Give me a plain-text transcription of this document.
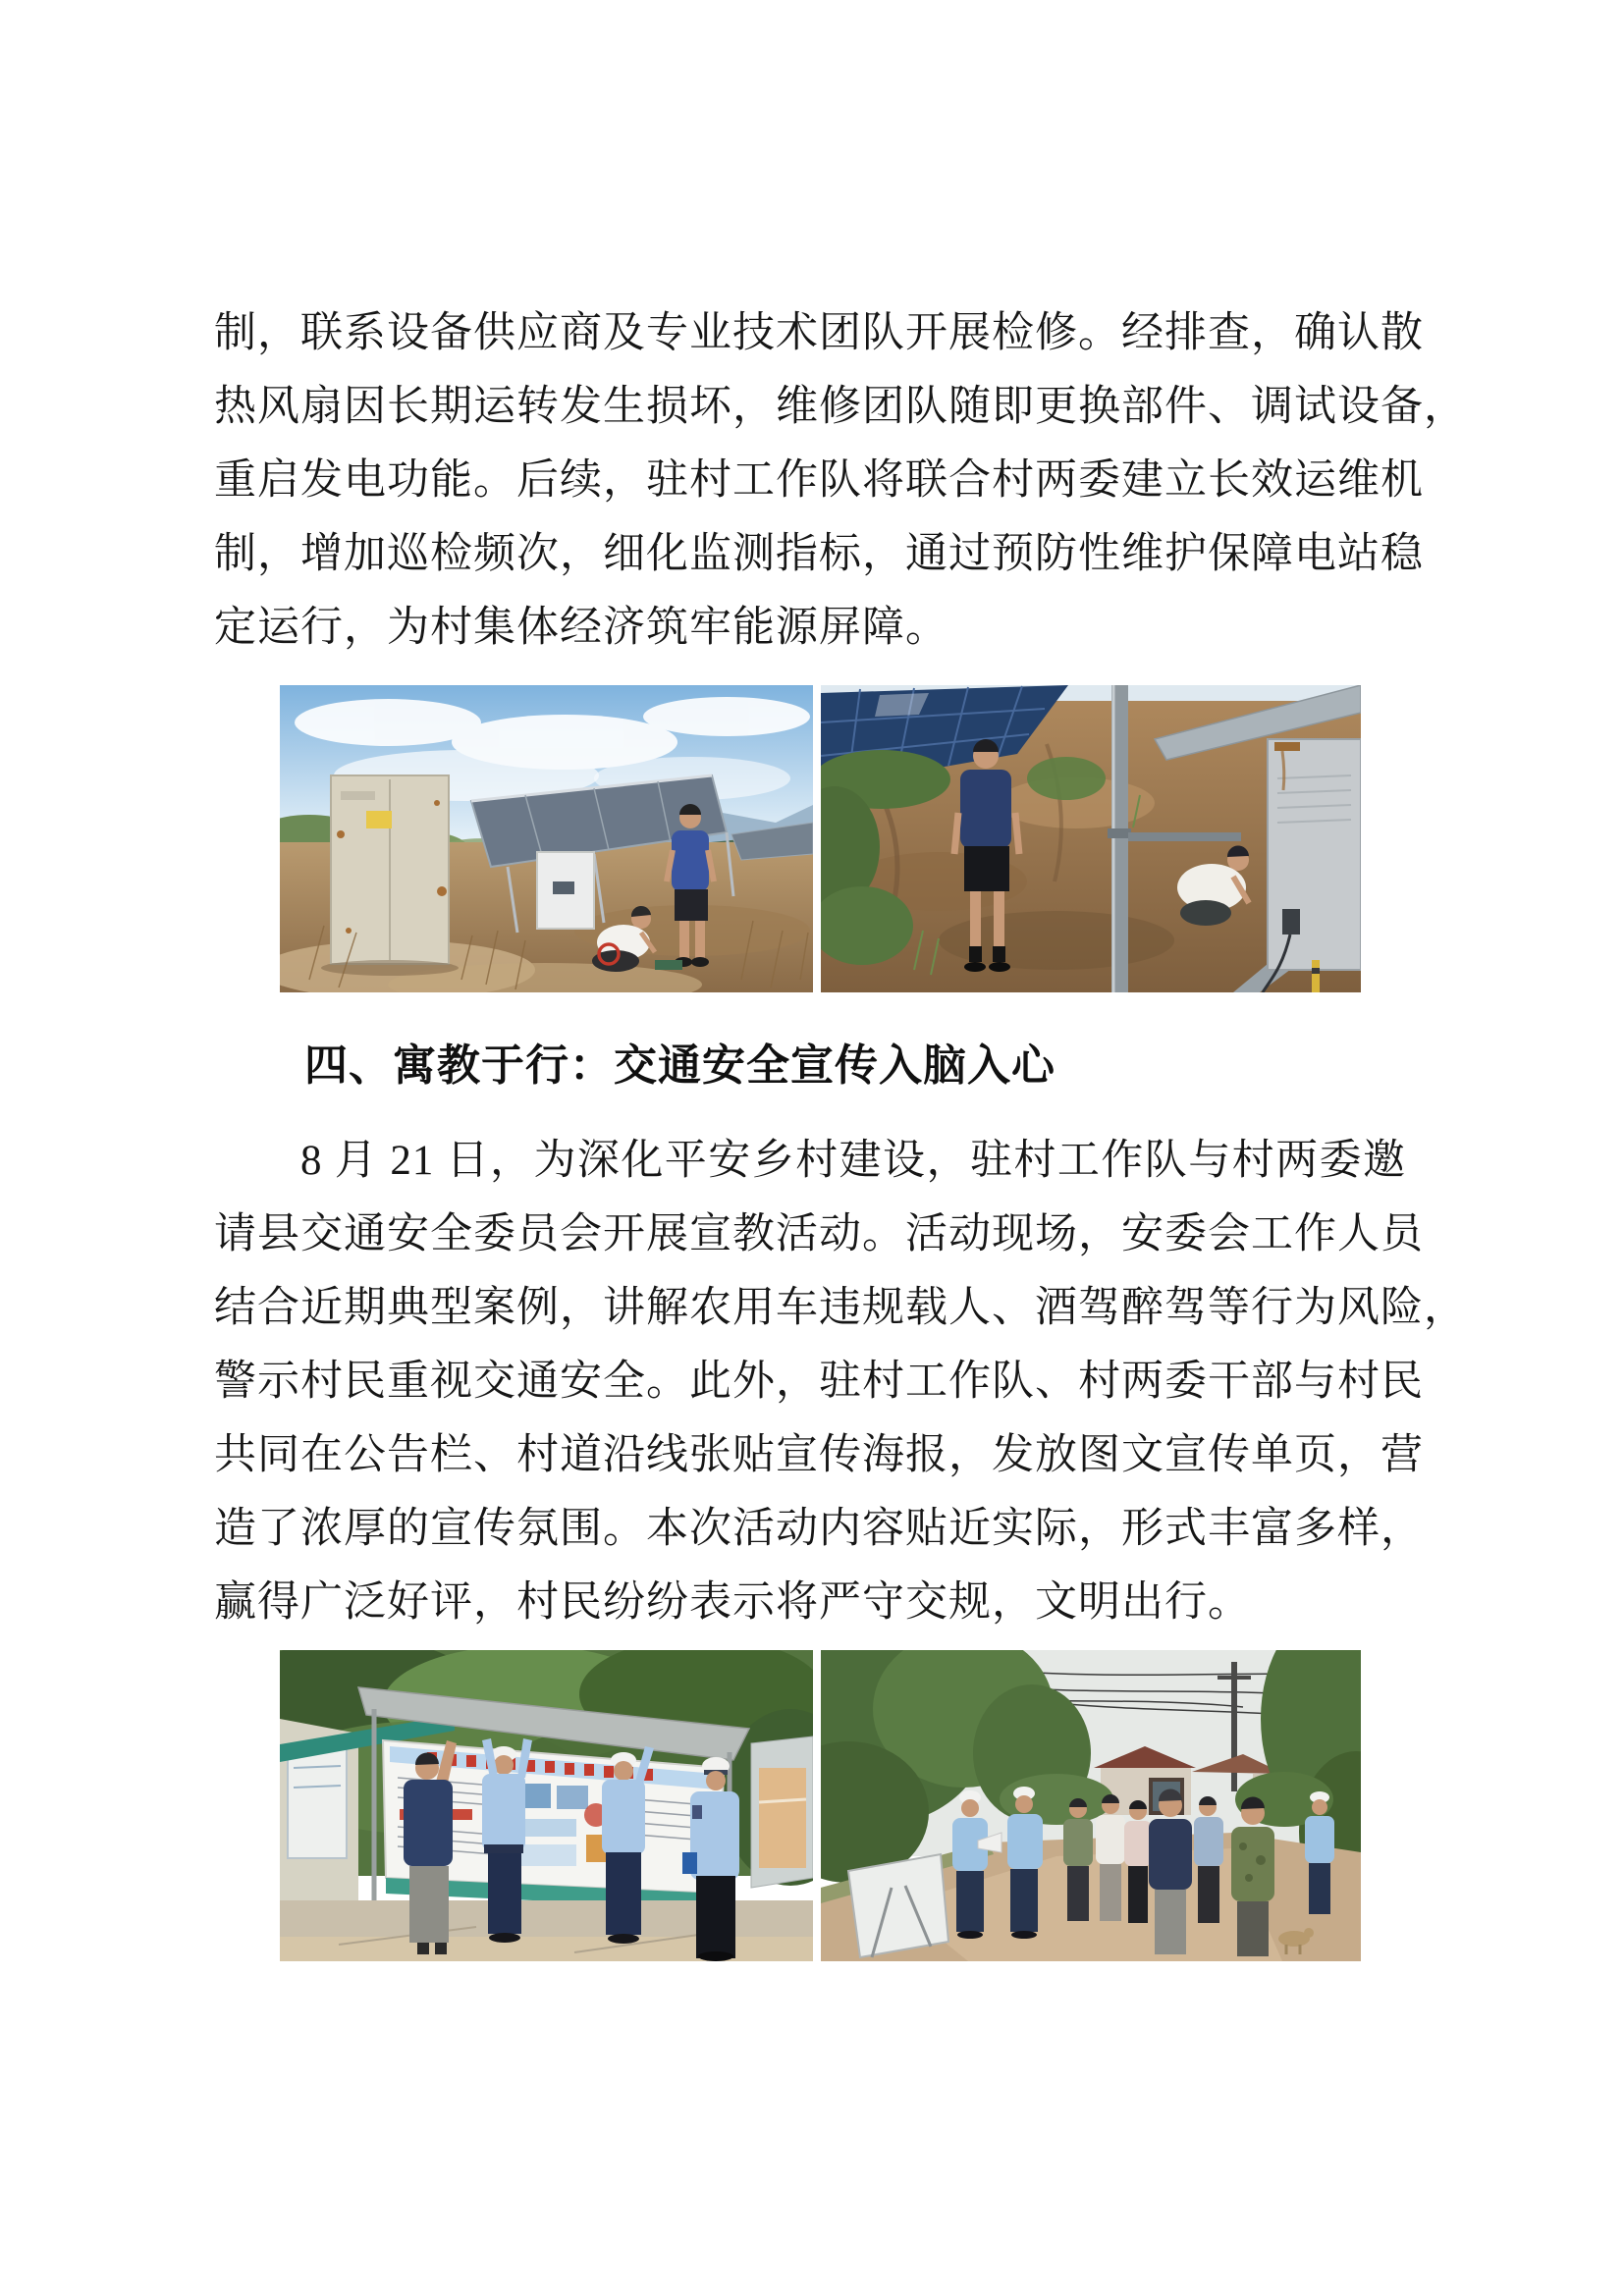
制，联系设备供应商及专业技术团队开展检修。经排查，确认散
热风扇因长期运转发生损坏，维修团队随即更换部件、调试设备，
重启发电功能。后续，驻村工作队将联合村两委建立长效运维机
制，增加巡检频次，细化监测指标，通过预防性维护保障电站稳
定运行，为村集体经济筑牢能源屏障。
四、寓教于行：交通安全宣传入脑入心
8 月 21 日，为深化平安乡村建设，驻村工作队与村两委邀
请县交通安全委员会开展宣教活动。活动现场，安委会工作人员
结合近期典型案例，讲解农用车违规载人、酒驾醉驾等行为风险，
警示村民重视交通安全。此外，驻村工作队、村两委干部与村民
共同在公告栏、村道沿线张贴宣传海报，发放图文宣传单页，营
造了浓厚的宣传氛围。本次活动内容贴近实际，形式丰富多样，
赢得广泛好评，村民纷纷表示将严守交规，文明出行。
